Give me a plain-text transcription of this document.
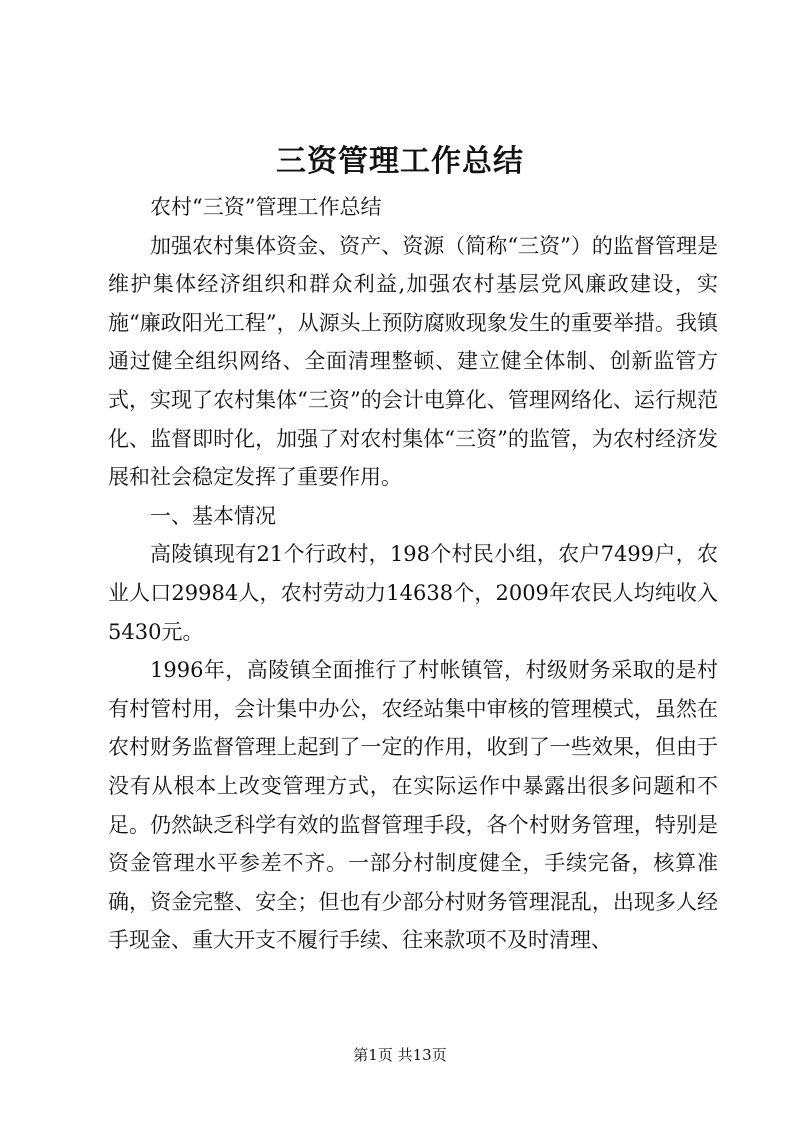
三资管理工作总结

农村“三资”管理工作总结

加强农村集体资金、资产、资源（简称“三资”）的监督管理是维护集体经济组织和群众利益,加强农村基层党风廉政建设，实施“廉政阳光工程”，从源头上预防腐败现象发生的重要举措。我镇通过健全组织网络、全面清理整顿、建立健全体制、创新监管方式，实现了农村集体“三资”的会计电算化、管理网络化、运行规范化、监督即时化，加强了对农村集体“三资”的监管，为农村经济发展和社会稳定发挥了重要作用。

一、基本情况

高陵镇现有21个行政村，198个村民小组，农户7499户，农业人口29984人，农村劳动力14638个，2009年农民人均纯收入5430元。

1996年，高陵镇全面推行了村帐镇管，村级财务采取的是村有村管村用，会计集中办公，农经站集中审核的管理模式，虽然在农村财务监督管理上起到了一定的作用，收到了一些效果，但由于没有从根本上改变管理方式，在实际运作中暴露出很多问题和不足。仍然缺乏科学有效的监督管理手段，各个村财务管理，特别是资金管理水平参差不齐。一部分村制度健全，手续完备，核算准确，资金完整、安全；但也有少部分村财务管理混乱，出现多人经手现金、重大开支不履行手续、往来款项不及时清理、

第1页 共13页
